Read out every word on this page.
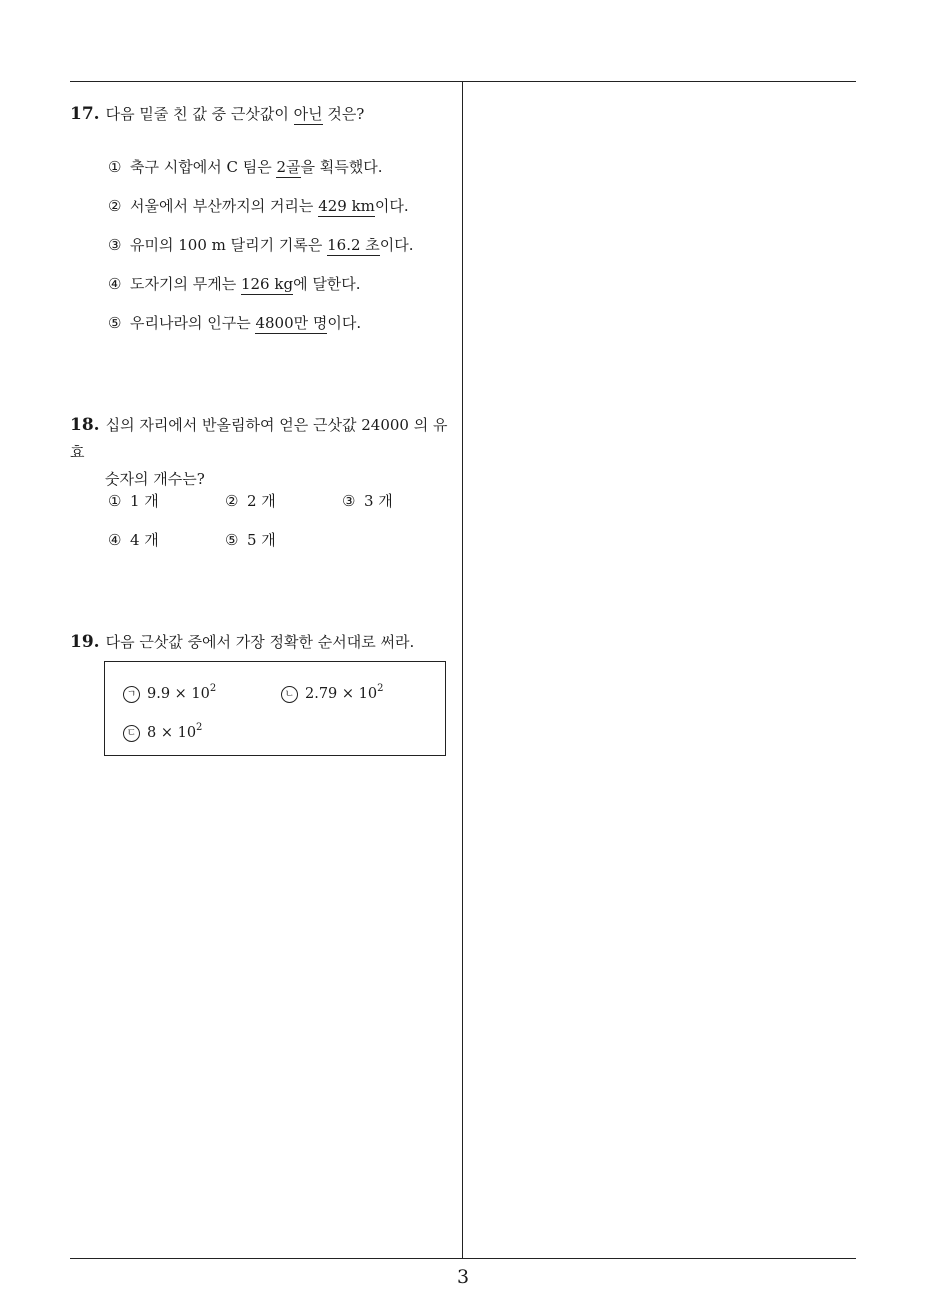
17. 다음 밑줄 친 값 중 근삿값이 아닌 것은?
① 축구 시합에서 C 팀은 2골을 획득했다.
② 서울에서 부산까지의 거리는 429 km이다.
③ 유미의 100 m 달리기 기록은 16.2 초이다.
④ 도자기의 무게는 126 kg에 달한다.
⑤ 우리나라의 인구는 4800만 명이다.
18. 십의 자리에서 반올림하여 얻은 근삿값 24000 의 유효
숫자의 개수는?
① 1 개	② 2 개	③ 3 개
④ 4 개	⑤ 5 개
19. 다음 근삿값 중에서 가장 정확한 순서대로 써라.
ㄱ $9.9 \times 10^2$
ㄴ $2.79 \times 10^2$
ㄷ $8 \times 10^2$
3
